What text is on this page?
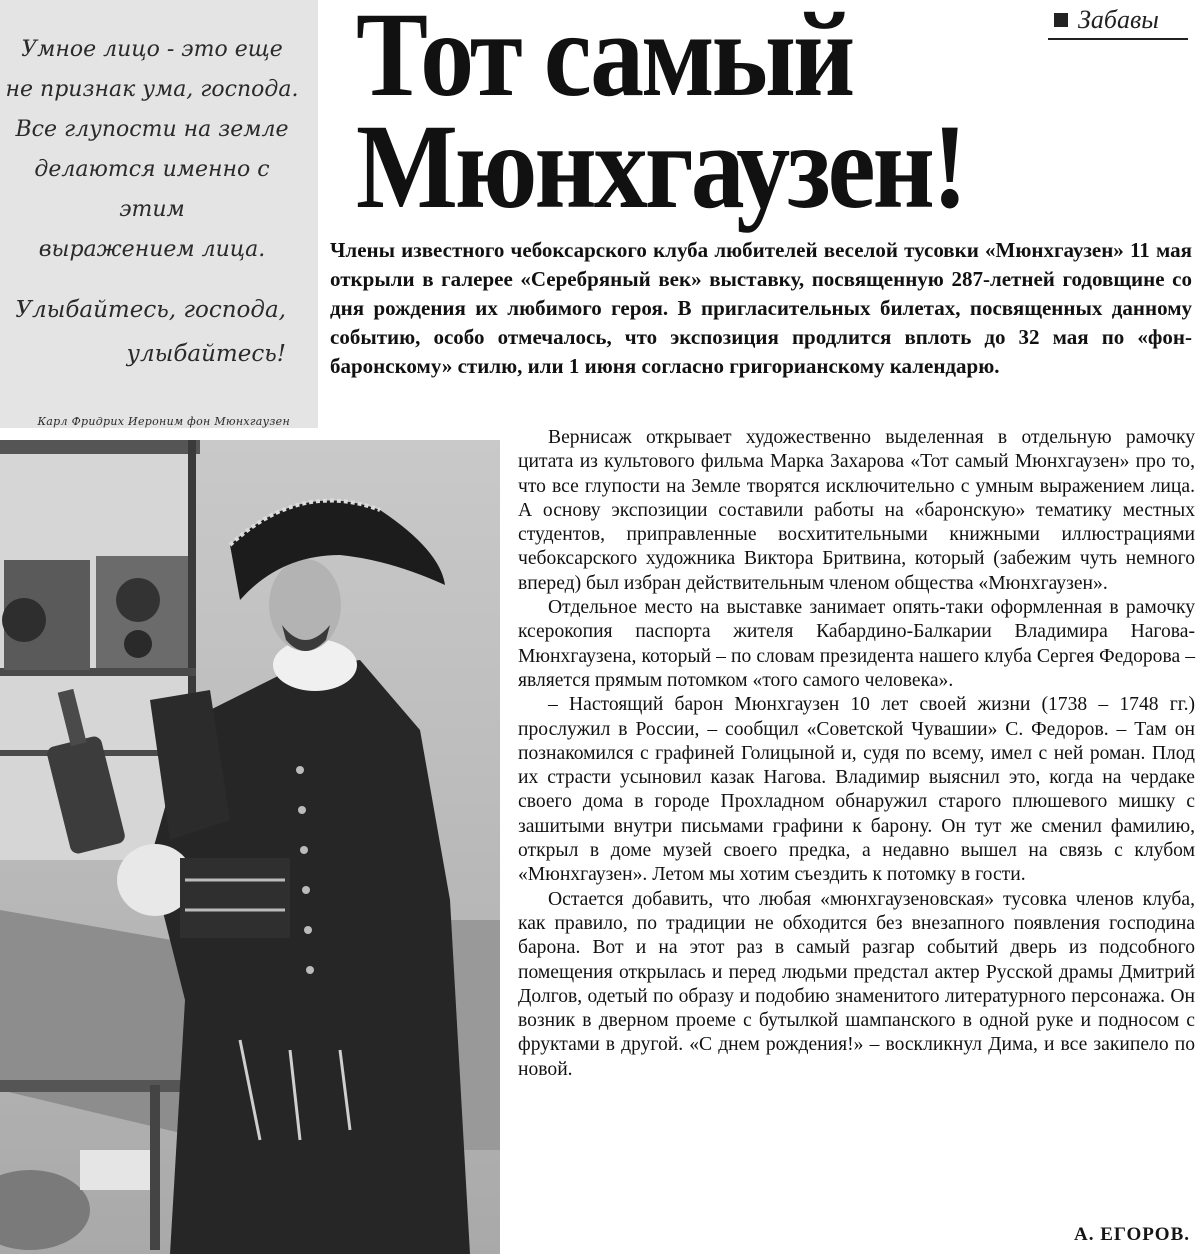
Забавы

Умное лицо - это еще

не признак ума, господа.

Все глупости на земле

делаются именно с этим

выражением лица.

Улыбайтесь, господа,

улыбайтесь!

Карл Фридрих Иероним фон Мюнхгаузен

Тот самый
Мюнхгаузен!
Члены известного чебоксарского клуба любителей веселой тусовки «Мюнхгаузен» 11 мая открыли в галерее «Серебряный век» выставку, посвященную 287-летней годовщине со дня рождения их любимого героя. В пригласительных билетах, посвященных данному событию, особо отмечалось, что экспозиция продлится вплоть до 32 мая по «фон-баронскому» стилю, или 1 июня согласно григорианскому календарю.

Вернисаж открывает художественно выделенная в отдельную рамочку цитата из культового фильма Марка Захарова «Тот самый Мюнхгаузен» про то, что все глупости на Земле творятся исключительно с умным выражением лица. А основу экспозиции составили работы на «баронскую» тематику местных студентов, приправленные восхитительными книжными иллюстрациями чебоксарского художника Виктора Бритвина, который (забежим чуть немного вперед) был избран действительным членом общества «Мюнхгаузен».

Отдельное место на выставке занимает опять-таки оформленная в рамочку ксерокопия паспорта жителя Кабардино-Балкарии Владимира Нагова-Мюнхгаузена, который – по словам президента нашего клуба Сергея Федорова – является прямым потомком «того самого человека».

– Настоящий барон Мюнхгаузен 10 лет своей жизни (1738 – 1748 гг.) прослужил в России, – сообщил «Советской Чувашии» С. Федоров. – Там он познакомился с графиней Голицыной и, судя по всему, имел с ней роман. Плод их страсти усыновил казак Нагова. Владимир выяснил это, когда на чердаке своего дома в городе Прохладном обнаружил старого плюшевого мишку с зашитыми внутри письмами графини к барону. Он тут же сменил фамилию, открыл в доме музей своего предка, а недавно вышел на связь с клубом «Мюнхгаузен». Летом мы хотим съездить к потомку в гости.

Остается добавить, что любая «мюнхгаузеновская» тусовка членов клуба, как правило, по традиции не обходится без внезапного появления господина барона. Вот и на этот раз в самый разгар событий дверь из подсобного помещения открылась и перед людьми предстал актер Русской драмы Дмитрий Долгов, одетый по образу и подобию знаменитого литературного персонажа. Он возник в дверном проеме с бутылкой шампанского в одной руке и подносом с фруктами в другой. «С днем рождения!» – воскликнул Дима, и все закипело по новой.

А. ЕГОРОВ.
